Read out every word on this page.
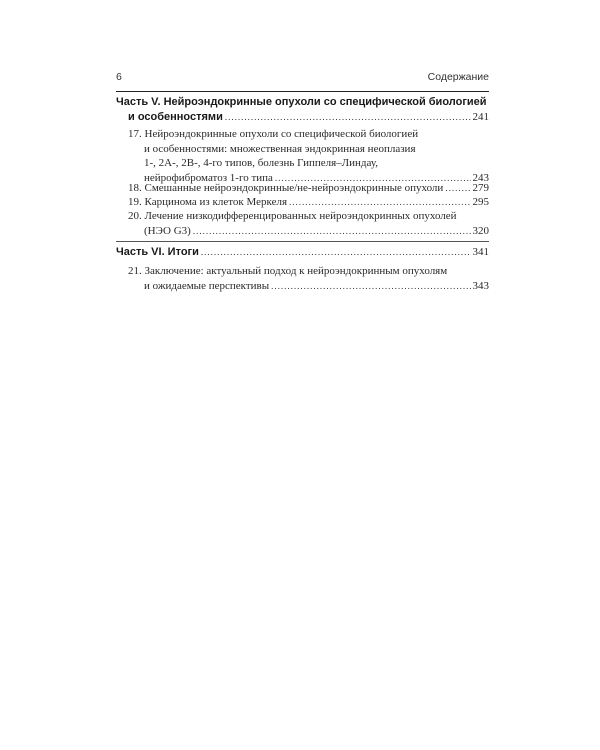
6	Содержание
Часть V. Нейроэндокринные опухоли со специфической биологией
и особенностями .....	241
17. Нейроэндокринные опухоли со специфической биологией
и особенностями: множественная эндокринная неоплазия
1-, 2A-, 2B-, 4-го типов, болезнь Гиппеля–Линдау,
нейрофиброматоз 1-го типа .....	243
18. Смешанные нейроэндокринные/не-нейроэндокринные опухоли .....	279
19. Карцинома из клеток Меркеля .....	295
20. Лечение низкодифференцированных нейроэндокринных опухолей
(НЭО G3) .....	320
Часть VI. Итоги .....	341
21. Заключение: актуальный подход к нейроэндокринным опухолям
и ожидаемые перспективы .....	343
